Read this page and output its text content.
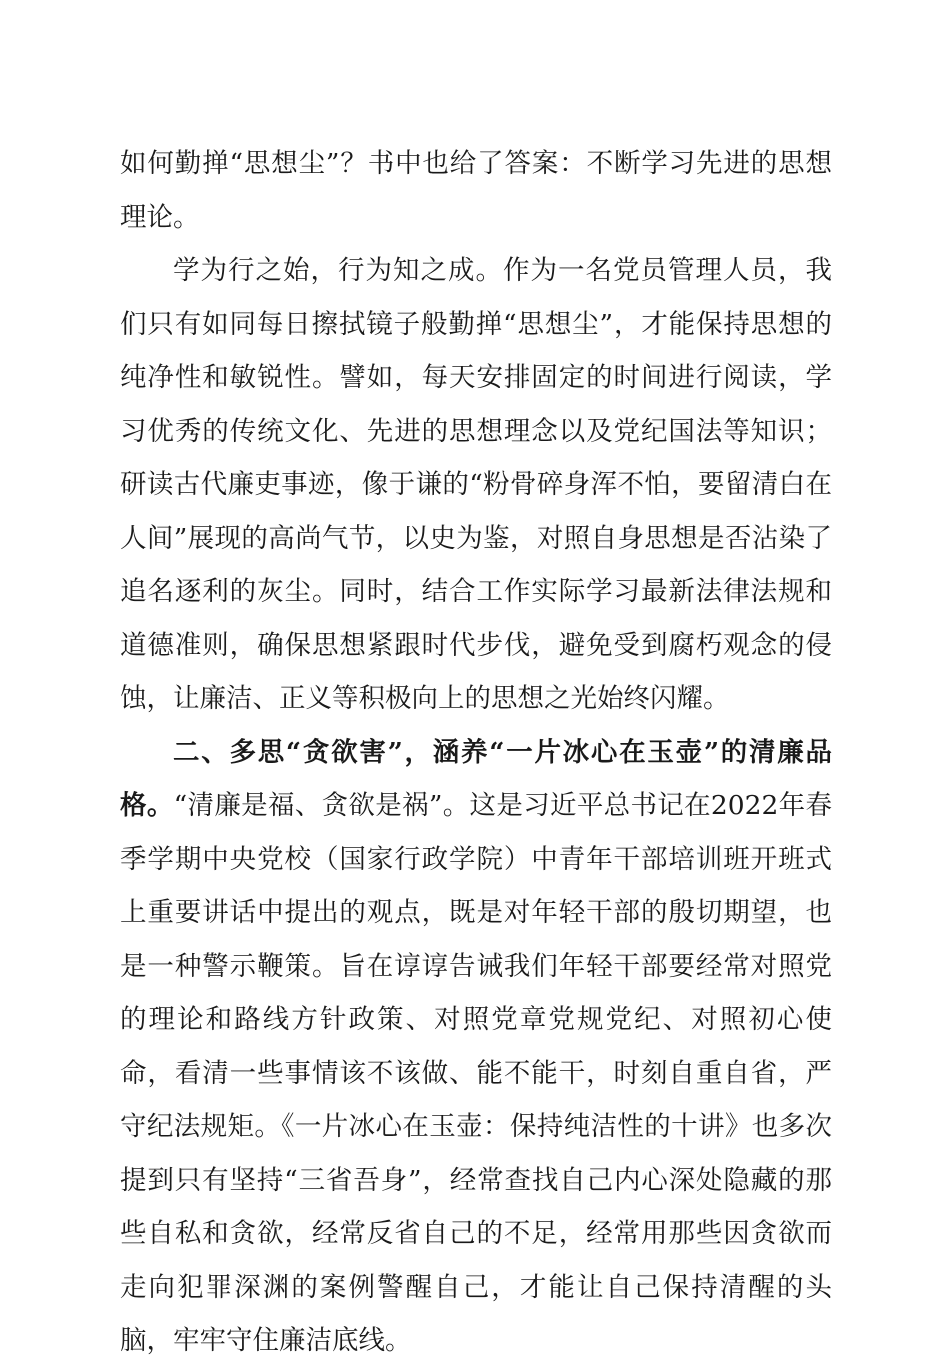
如何勤掸“思想尘”？书中也给了答案：不断学习先进的思想理论。

学为行之始，行为知之成。作为一名党员管理人员，我们只有如同每日擦拭镜子般勤掸“思想尘”，才能保持思想的纯净性和敏锐性。譬如，每天安排固定的时间进行阅读，学习优秀的传统文化、先进的思想理念以及党纪国法等知识；研读古代廉吏事迹，像于谦的“粉骨碎身浑不怕，要留清白在人间”展现的高尚气节，以史为鉴，对照自身思想是否沾染了追名逐利的灰尘。同时，结合工作实际学习最新法律法规和道德准则，确保思想紧跟时代步伐，避免受到腐朽观念的侵蚀，让廉洁、正义等积极向上的思想之光始终闪耀。

二、多思“贪欲害”，涵养“一片冰心在玉壶”的清廉品格。“清廉是福、贪欲是祸”。这是习近平总书记在2022年春季学期中央党校（国家行政学院）中青年干部培训班开班式上重要讲话中提出的观点，既是对年轻干部的殷切期望，也是一种警示鞭策。旨在谆谆告诫我们年轻干部要经常对照党的理论和路线方针政策、对照党章党规党纪、对照初心使命，看清一些事情该不该做、能不能干，时刻自重自省，严守纪法规矩。《一片冰心在玉壶：保持纯洁性的十讲》也多次提到只有坚持“三省吾身”，经常查找自己内心深处隐藏的那些自私和贪欲，经常反省自己的不足，经常用那些因贪欲而走向犯罪深渊的案例警醒自己，才能让自己保持清醒的头脑，牢牢守住廉洁底线。
